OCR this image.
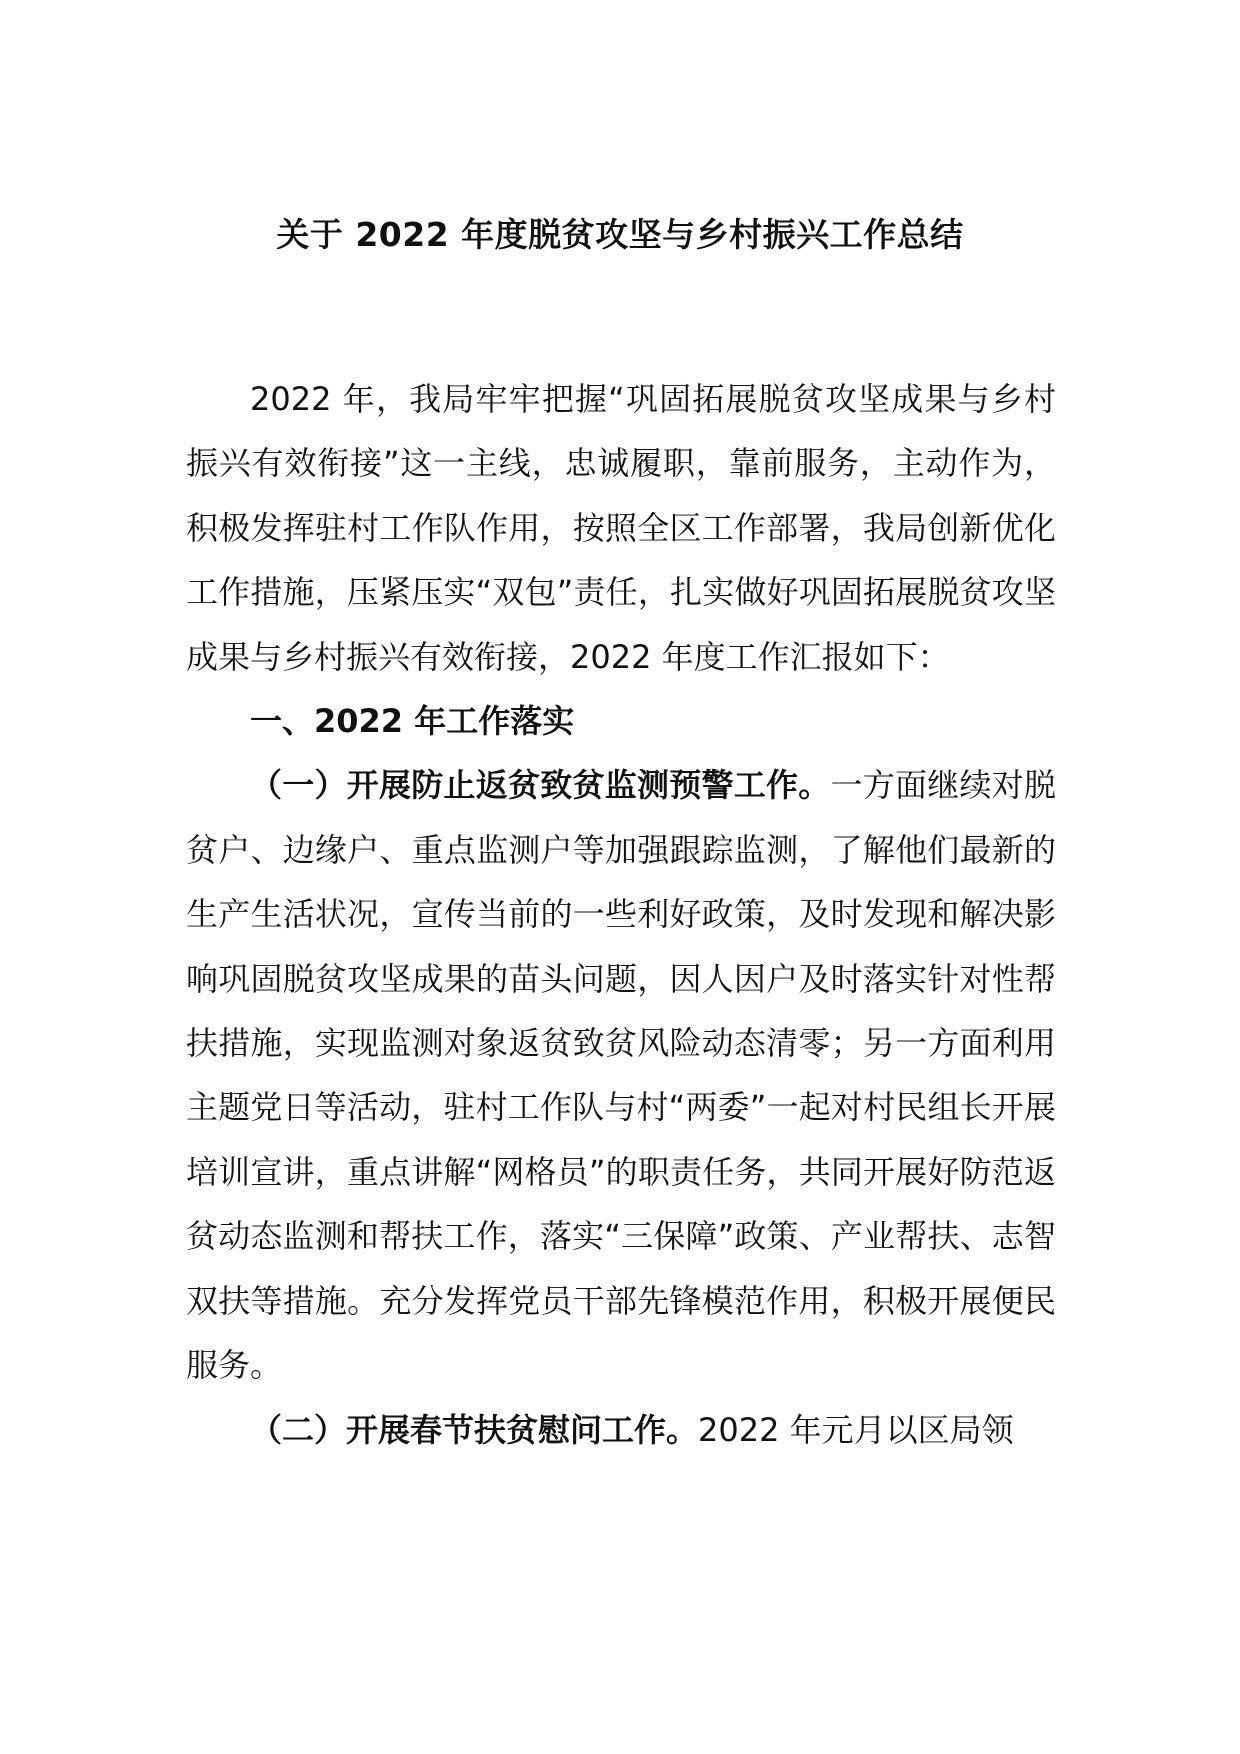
关于 2022 年度脱贫攻坚与乡村振兴工作总结

2022 年，我局牢牢把握“巩固拓展脱贫攻坚成果与乡村振兴有效衔接”这一主线，忠诚履职，靠前服务，主动作为，积极发挥驻村工作队作用，按照全区工作部署，我局创新优化工作措施，压紧压实“双包”责任，扎实做好巩固拓展脱贫攻坚成果与乡村振兴有效衔接，2022 年度工作汇报如下：

一、2022 年工作落实

（一）开展防止返贫致贫监测预警工作。一方面继续对脱贫户、边缘户、重点监测户等加强跟踪监测，了解他们最新的生产生活状况，宣传当前的一些利好政策，及时发现和解决影响巩固脱贫攻坚成果的苗头问题，因人因户及时落实针对性帮扶措施，实现监测对象返贫致贫风险动态清零；另一方面利用主题党日等活动，驻村工作队与村“两委”一起对村民组长开展培训宣讲，重点讲解“网格员”的职责任务，共同开展好防范返贫动态监测和帮扶工作，落实“三保障”政策、产业帮扶、志智双扶等措施。充分发挥党员干部先锋模范作用，积极开展便民服务。

（二）开展春节扶贫慰问工作。2022 年元月以区局领
